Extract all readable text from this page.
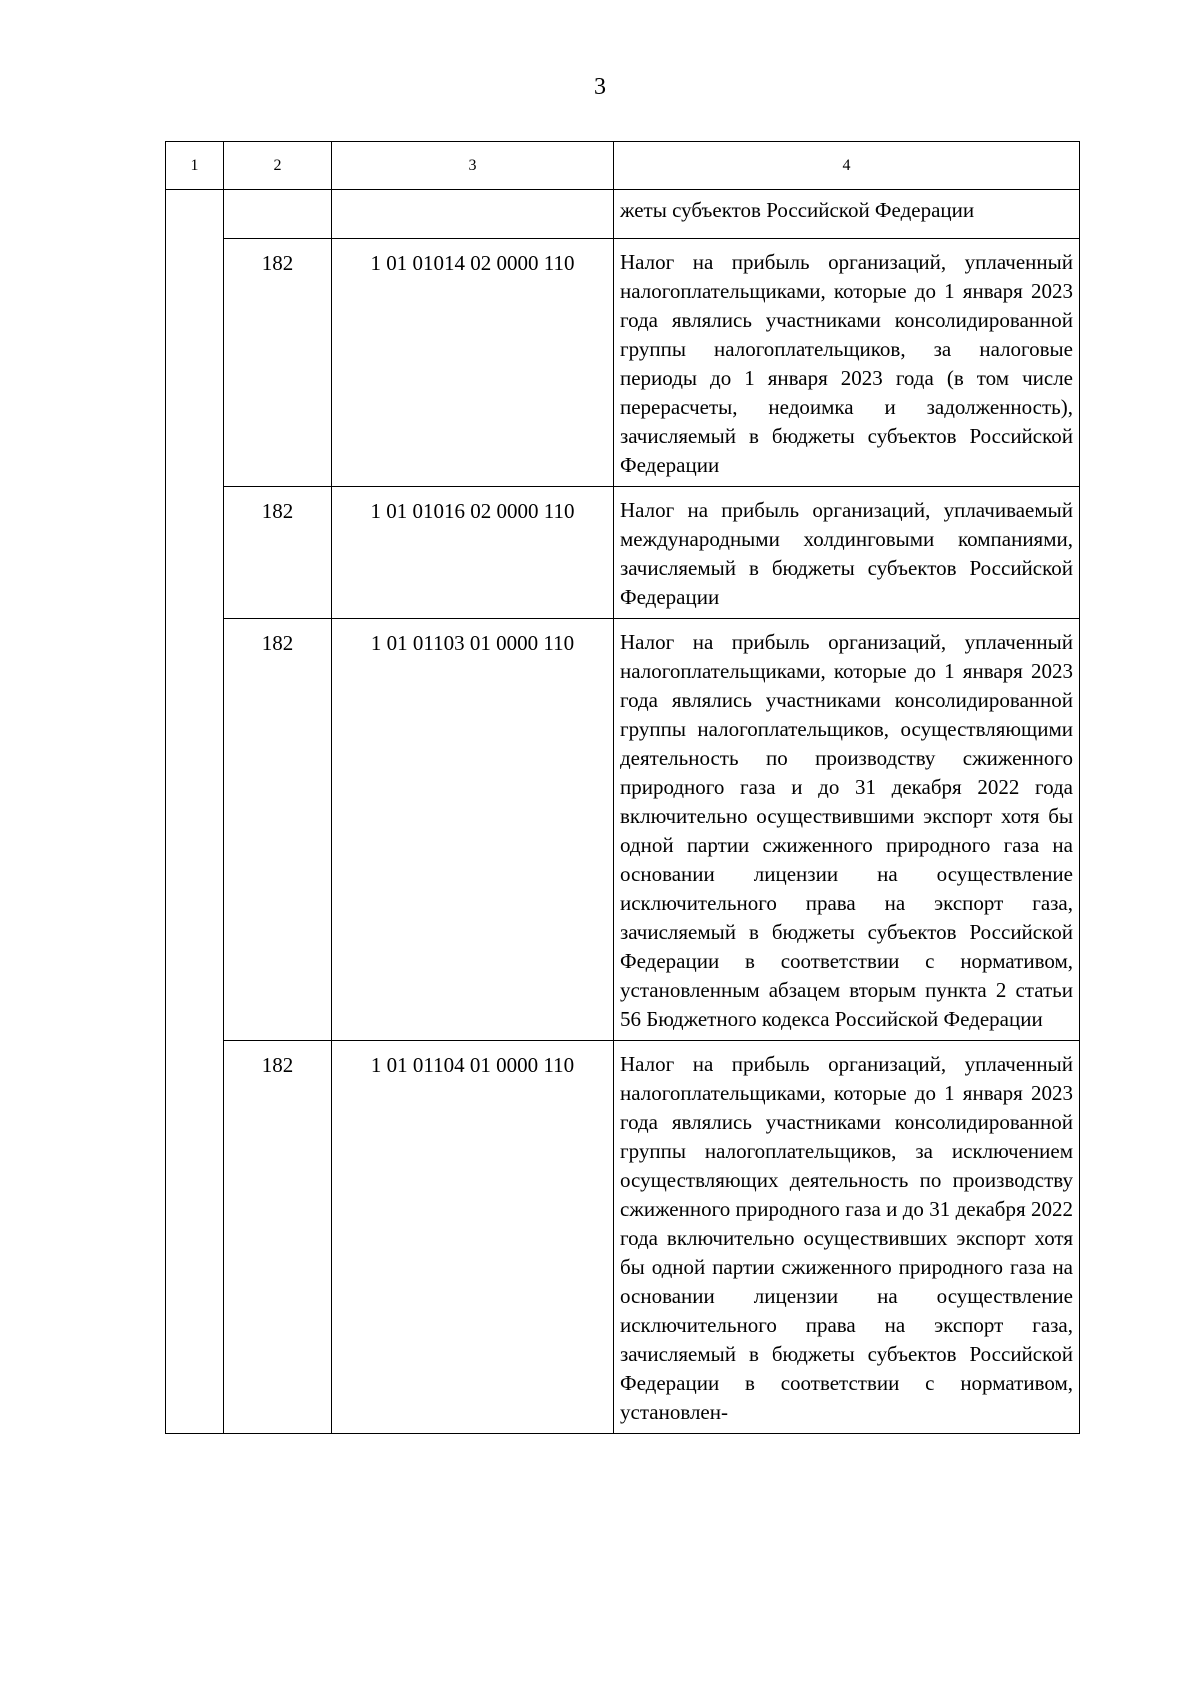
3
1	2	3	4
			жеты субъектов Российской Федерации
	182	1 01 01014 02 0000 110	Налог на прибыль организаций, уплаченный налогоплательщиками, которые до 1 января 2023 года являлись участниками консолидированной группы налогоплательщиков, за налоговые периоды до 1 января 2023 года (в том числе перерасчеты, недоимка и задолженность), зачисляемый в бюджеты субъектов Российской Федерации
	182	1 01 01016 02 0000 110	Налог на прибыль организаций, уплачиваемый международными холдинговыми компаниями, зачисляемый в бюджеты субъектов Российской Федерации
	182	1 01 01103 01 0000 110	Налог на прибыль организаций, уплаченный налогоплательщиками, которые до 1 января 2023 года являлись участниками консолидированной группы налогоплательщиков, осуществляющими деятельность по производству сжиженного природного газа и до 31 декабря 2022 года включительно осуществившими экспорт хотя бы одной партии сжиженного природного газа на основании лицензии на осуществление исключительного права на экспорт газа, зачисляемый в бюджеты субъектов Российской Федерации в соответствии с нормативом, установленным абзацем вторым пункта 2 статьи 56 Бюджетного кодекса Российской Федерации
	182	1 01 01104 01 0000 110	Налог на прибыль организаций, уплаченный налогоплательщиками, которые до 1 января 2023 года являлись участниками консолидированной группы налогоплательщиков, за исключением осуществляющих деятельность по производству сжиженного природного газа и до 31 декабря 2022 года включительно осуществивших экспорт хотя бы одной партии сжиженного природного газа на основании лицензии на осуществление исключительного права на экспорт газа, зачисляемый в бюджеты субъектов Российской Федерации в соответствии с нормативом, установлен-
